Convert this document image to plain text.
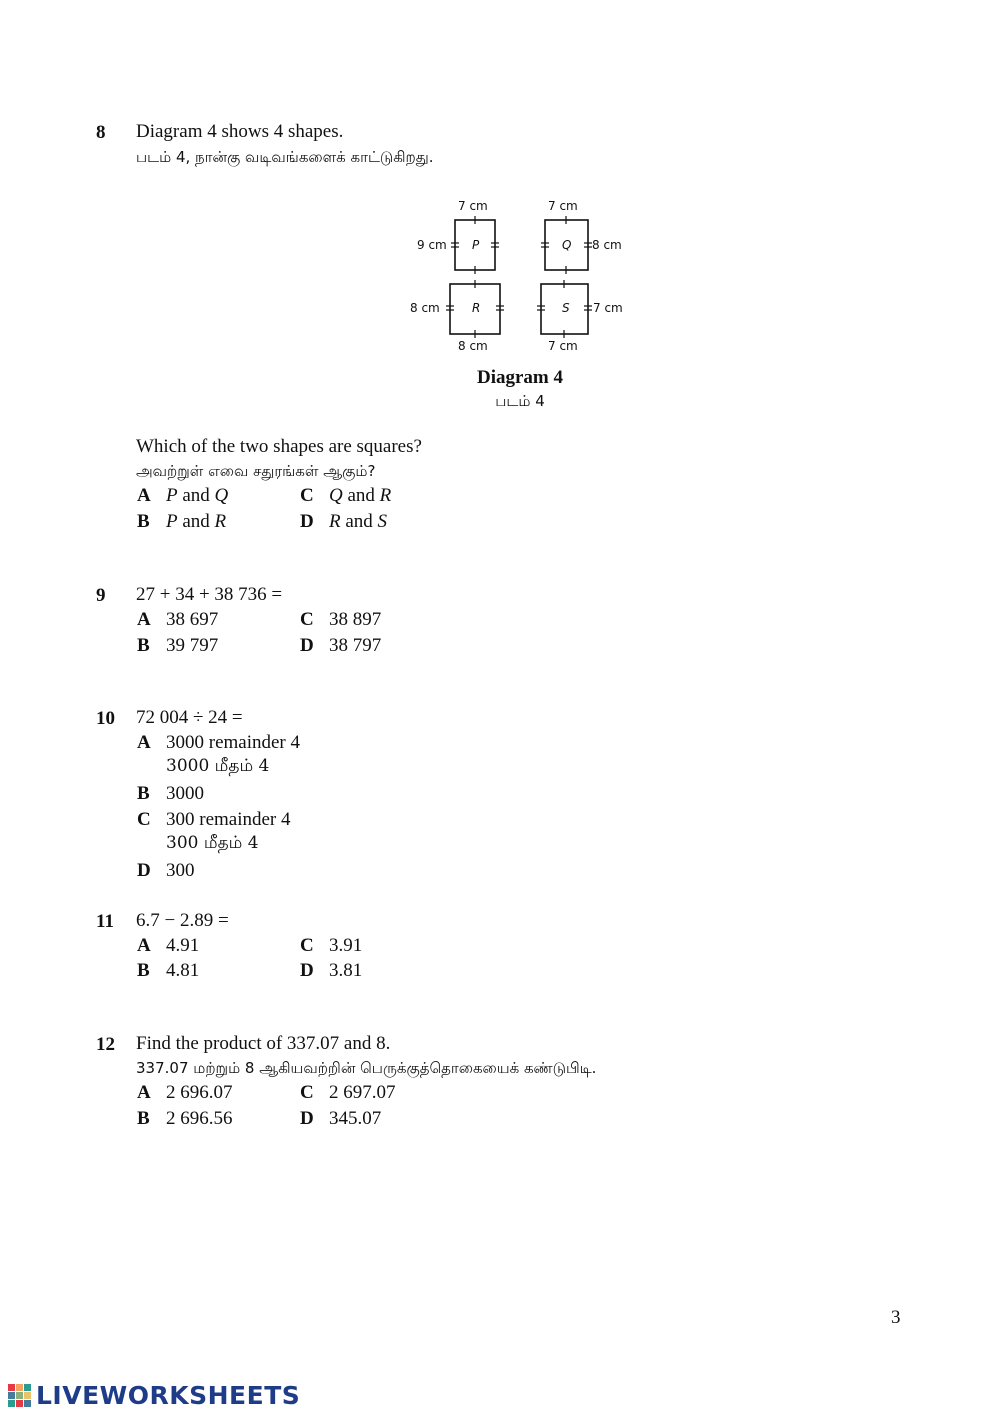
8 Diagram 4 shows 4 shapes.
படம் 4, நான்கு வடிவங்களைக் காட்டுகிறது.
7 cm
9 cm P
7 cm
8 cm
Q
8 cm
8 cm
R	7 cm
7 cm
S
Diagram 4
படம் 4
Which of the two shapes are squares?
அவற்றுள் எவை சதுரங்கள் ஆகும்?
A P and Q	C Q and R
B P and R	D R and S
9 27 + 34 + 38 736 =
A 38 697	C 38 897
B 39 797	D 38 797
10 72 004 ÷ 24 =
A 3000 remainder 4
3000 மீதம் 4
B 3000
C 300 remainder 4
300 மீதம் 4
D 300
11 6.7 − 2.89 =
A 4.91	C 3.91
B 4.81	D 3.81
12 Find the product of 337.07 and 8.
337.07 மற்றும் 8 ஆகியவற்றின் பெருக்குத்தொகையைக் கண்டுபிடி.
A 2 696.07	C 2 697.07
B 2 696.56	D 345.07
3
LIVEWORKSHEETS
